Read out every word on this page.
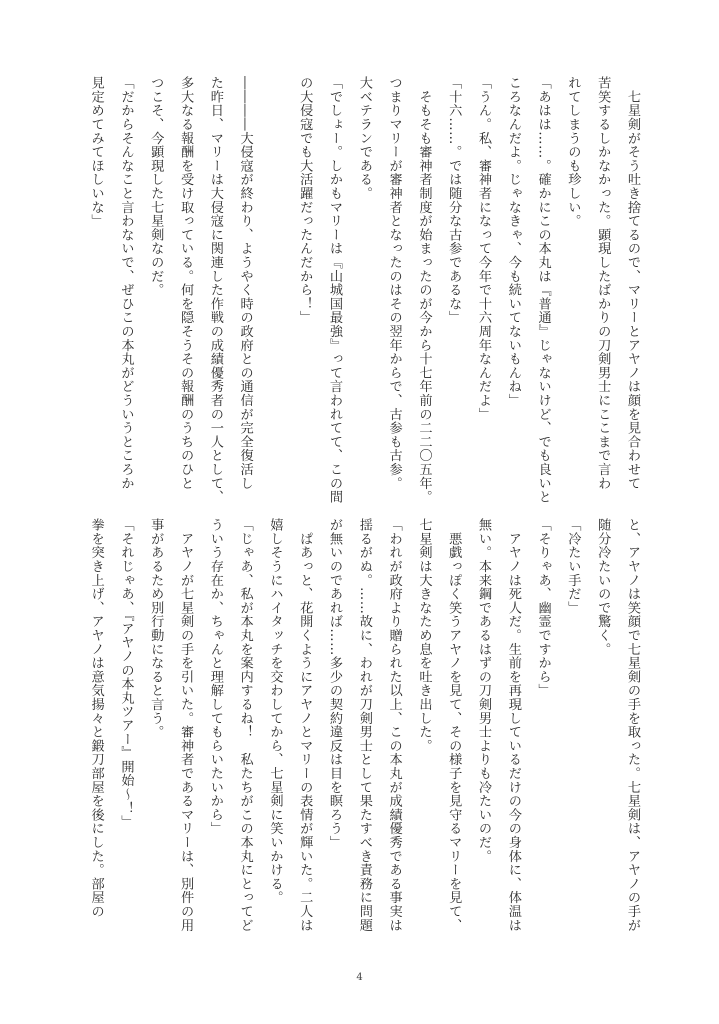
　七星剣がそう吐き捨てるので、マリーとアヤノは顔を見合わせて
苦笑するしかなかった。顕現したばかりの刀剣男士にここまで言わ
れてしまうのも珍しい。
「あはは……。確かにこの本丸は『普通』じゃないけど、でも良いと
ころなんだよ。じゃなきゃ、今も続いてないもんね」
「うん。私、審神者になって今年で十六周年なんだよ」
「十六……。では随分な古参であるな」
　そもそも審神者制度が始まったのが今から十七年前の二二〇五年。
つまりマリーが審神者となったのはその翌年からで、古参も古参。
大ベテランである。
「でしょー。しかもマリーは『山城国最強』って言われてて、この間
の大侵寇でも大活躍だったんだから！」

――――大侵寇が終わり、ようやく時の政府との通信が完全復活し
た昨日、マリーは大侵寇に関連した作戦の成績優秀者の一人として、
多大なる報酬を受け取っている。何を隠そうその報酬のうちのひと
つこそ、今顕現した七星剣なのだ。
「だからそんなこと言わないで、ぜひこの本丸がどういうところか
見定めてみてほしいな」
と、アヤノは笑顔で七星剣の手を取った。七星剣は、アヤノの手が
随分冷たいので驚く。
「冷たい手だ」
「そりゃあ、幽霊ですから」
　アヤノは死人だ。生前を再現しているだけの今の身体に、体温は
無い。本来鋼であるはずの刀剣男士よりも冷たいのだ。
　悪戯っぽく笑うアヤノを見て、その様子を見守るマリーを見て、
七星剣は大きなため息を吐き出した。
「われが政府より贈られた以上、この本丸が成績優秀である事実は
揺るがぬ。……故に、われが刀剣男士として果たすべき責務に問題
が無いのであれば……多少の契約違反は目を瞑ろう」
　ぱあっと、花開くようにアヤノとマリーの表情が輝いた。二人は
嬉しそうにハイタッチを交わしてから、七星剣に笑いかける。
「じゃあ、私が本丸を案内するね！　私たちがこの本丸にとってど
ういう存在か、ちゃんと理解してもらいたいから」
　アヤノが七星剣の手を引いた。審神者であるマリーは、別件の用
事があるため別行動になると言う。
「それじゃあ、『アヤノの本丸ツアー』開始～！」
拳を突き上げ、アヤノは意気揚々と鍛刀部屋を後にした。部屋の
4
